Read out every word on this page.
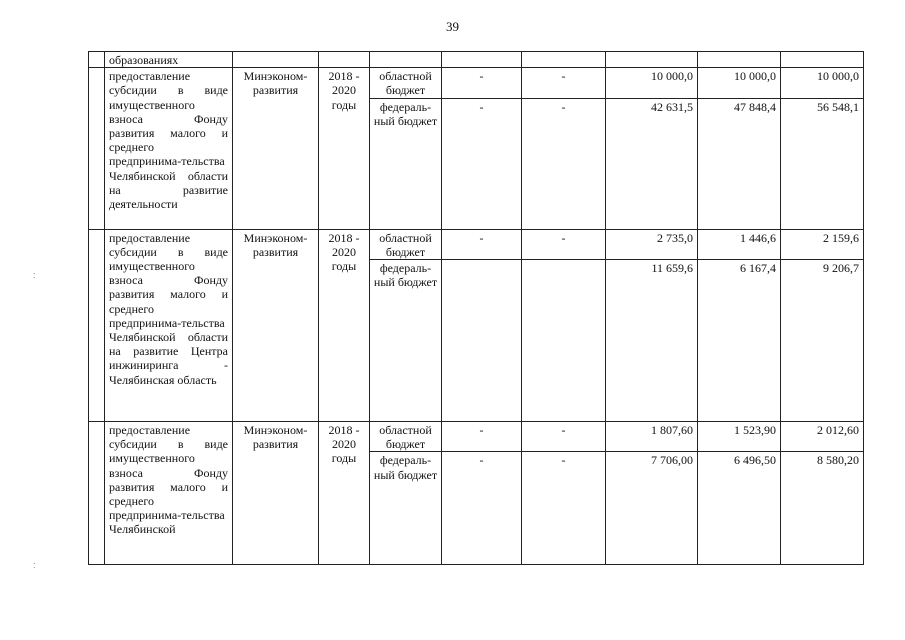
39
:
:
	образованиях								
	предоставление субсидии в виде имущественного взноса Фонду развития малого и среднего предпринима-тельства Челябинской области на развитие деятельности	Минэконом-развития	2018 - 2020 годы	областной бюджет	-	-	10 000,0	10 000,0	10 000,0
				федераль-ный бюджет	-	-	42 631,5	47 848,4	56 548,1
	предоставление субсидии в виде имущественного взноса Фонду развития малого и среднего предпринима-тельства Челябинской области на развитие Центра инжиниринга - Челябинская область	Минэконом-развития	2018 - 2020 годы	областной бюджет	-	-	2 735,0	1 446,6	2 159,6
				федераль-ный бюджет			11 659,6	6 167,4	9 206,7
	предоставление субсидии в виде имущественного взноса Фонду развития малого и среднего предпринима-тельства Челябинской	Минэконом-развития	2018 - 2020 годы	областной бюджет	-	-	1 807,60	1 523,90	2 012,60
				федераль-ный бюджет	-	-	7 706,00	6 496,50	8 580,20
